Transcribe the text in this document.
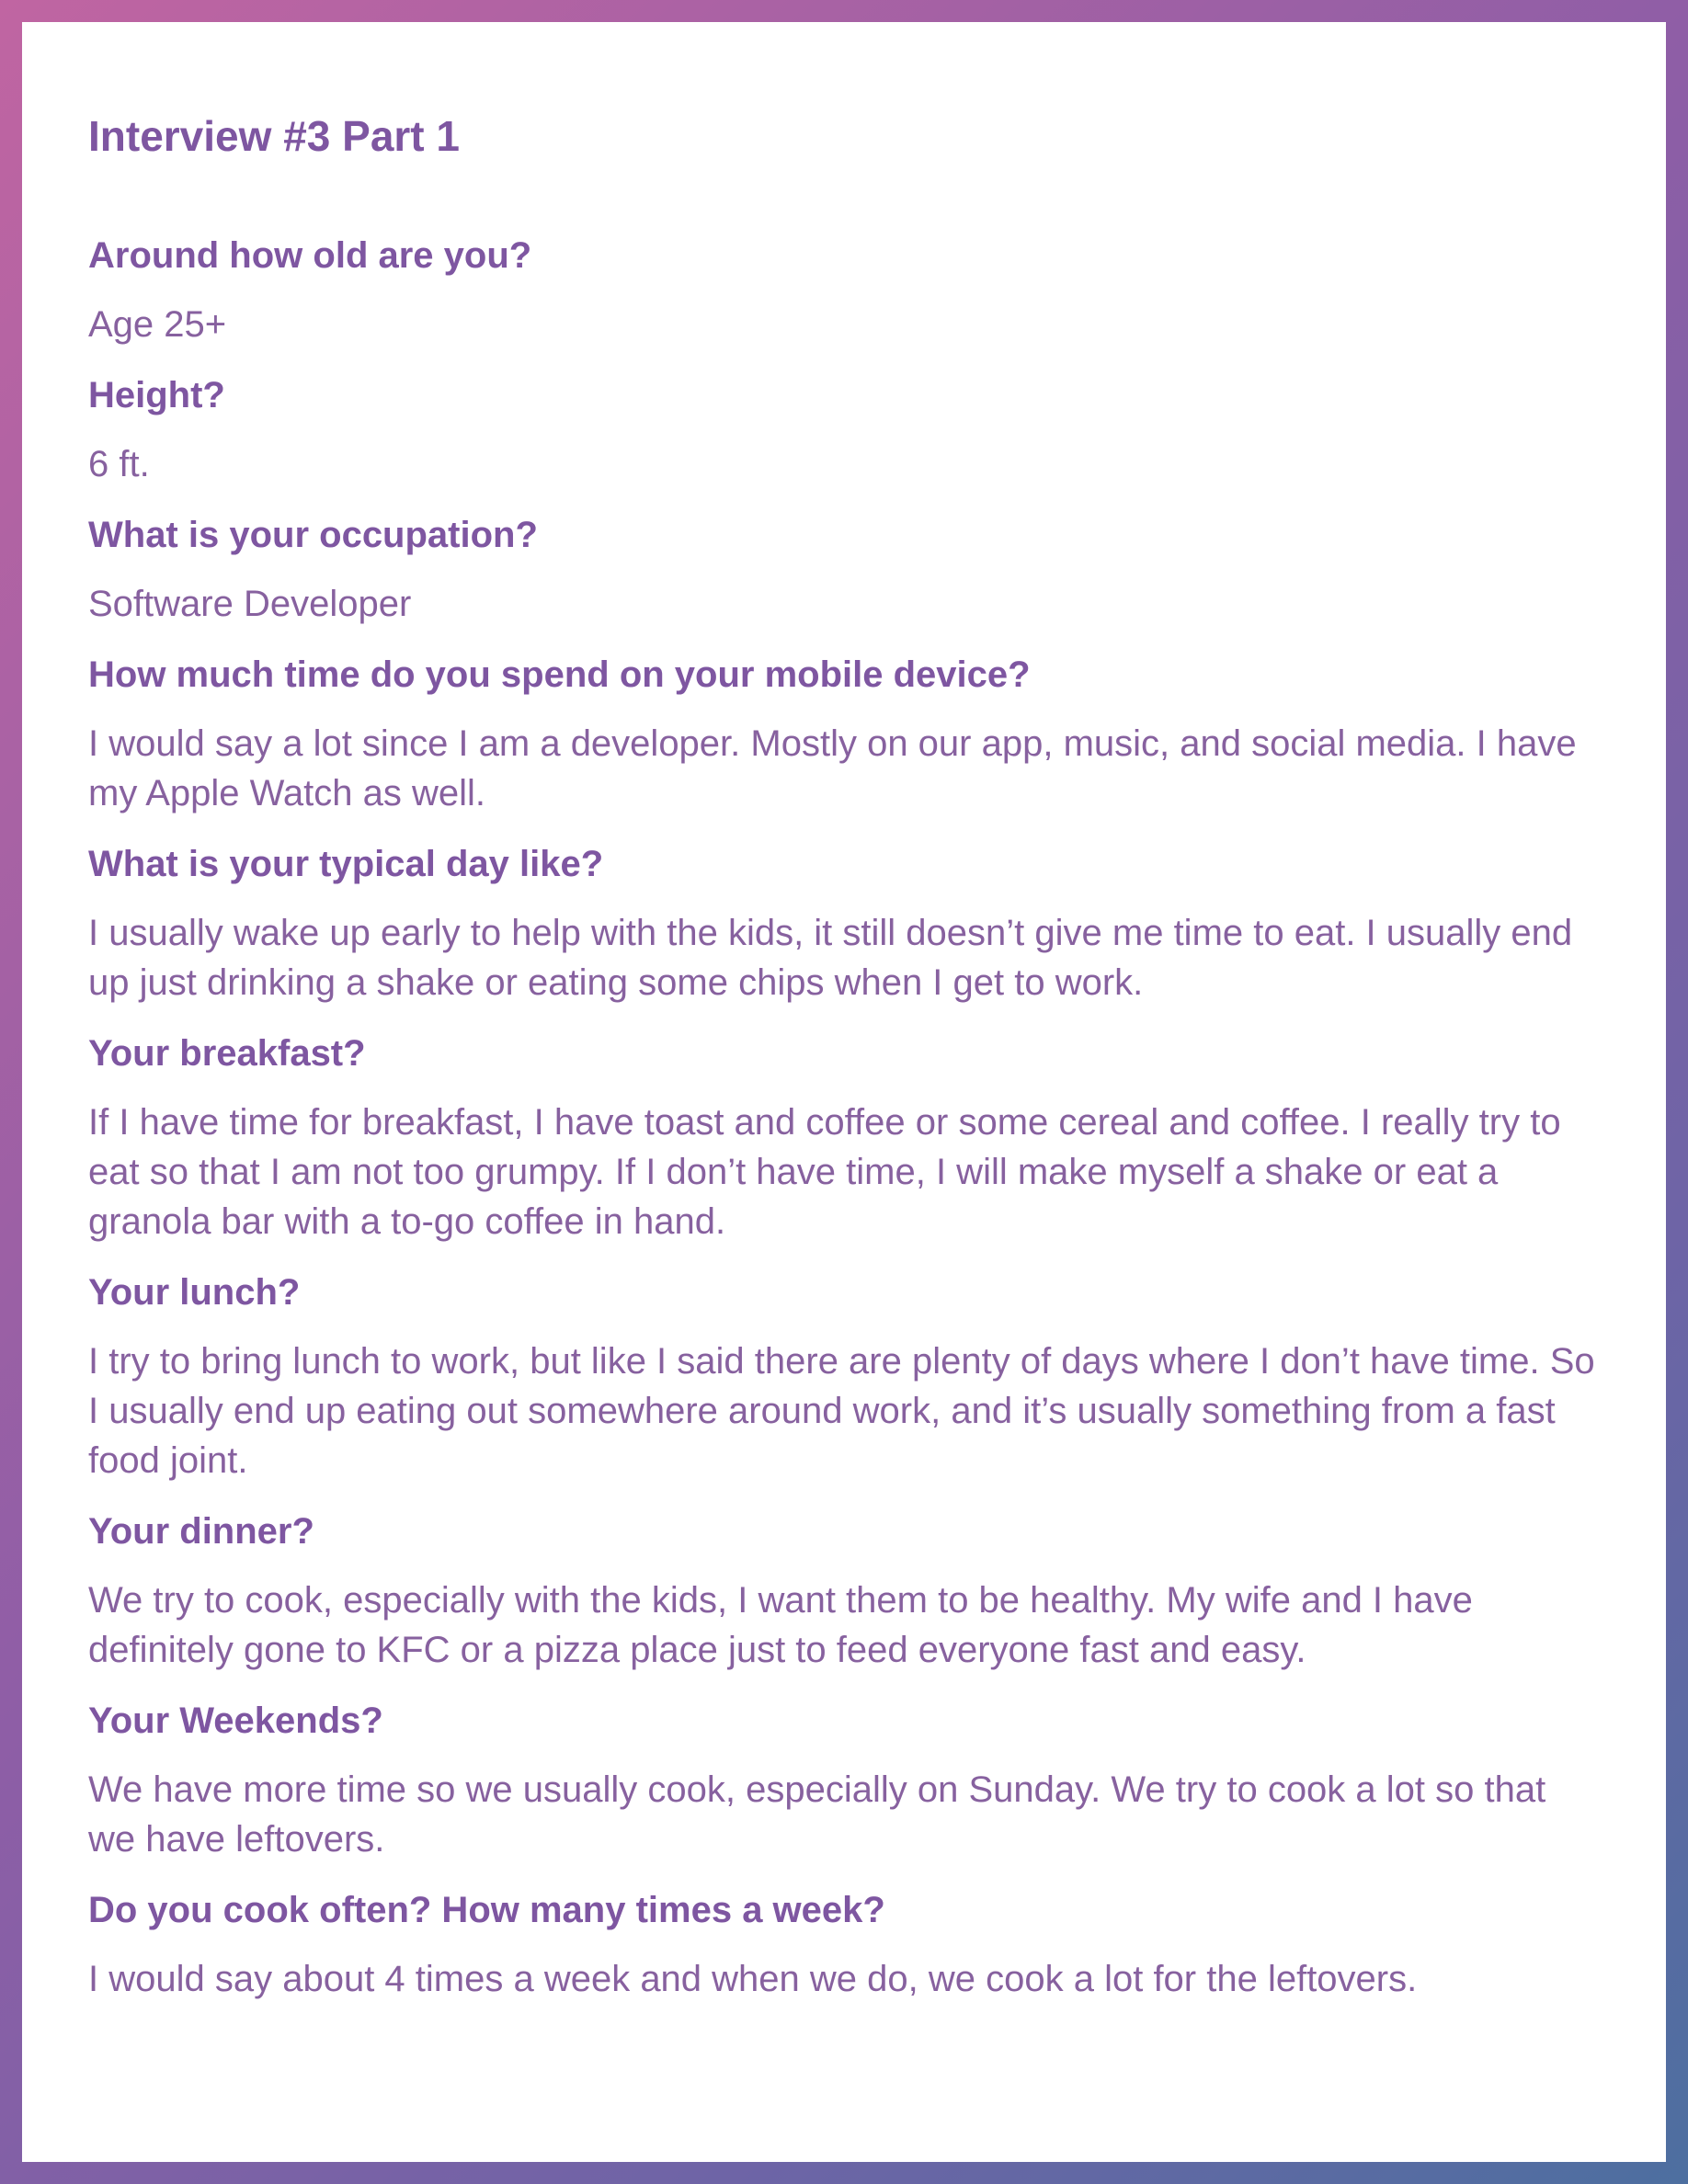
Interview #3 Part 1

Around how old are you?

Age 25+

Height?

6 ft.

What is your occupation?

Software Developer

How much time do you spend on your mobile device?

I would say a lot since I am a developer. Mostly on our app, music, and social media. I have my Apple Watch as well.

What is your typical day like?

I usually wake up early to help with the kids, it still doesn’t give me time to eat. I usually end up just drinking a shake or eating some chips when I get to work.

Your breakfast?

If I have time for breakfast, I have toast and coffee or some cereal and coffee. I really try to eat so that I am not too grumpy. If I don’t have time, I will make myself a shake or eat a granola bar with a to-go coffee in hand.

Your lunch?

I try to bring lunch to work, but like I said there are plenty of days where I don’t have time. So I usually end up eating out somewhere around work, and it’s usually something from a fast food joint.

Your dinner?

We try to cook, especially with the kids, I want them to be healthy. My wife and I have definitely gone to KFC or a pizza place just to feed everyone fast and easy.

Your Weekends?

We have more time so we usually cook, especially on Sunday. We try to cook a lot so that we have leftovers.

Do you cook often? How many times a week?

I would say about 4 times a week and when we do, we cook a lot for the leftovers.
